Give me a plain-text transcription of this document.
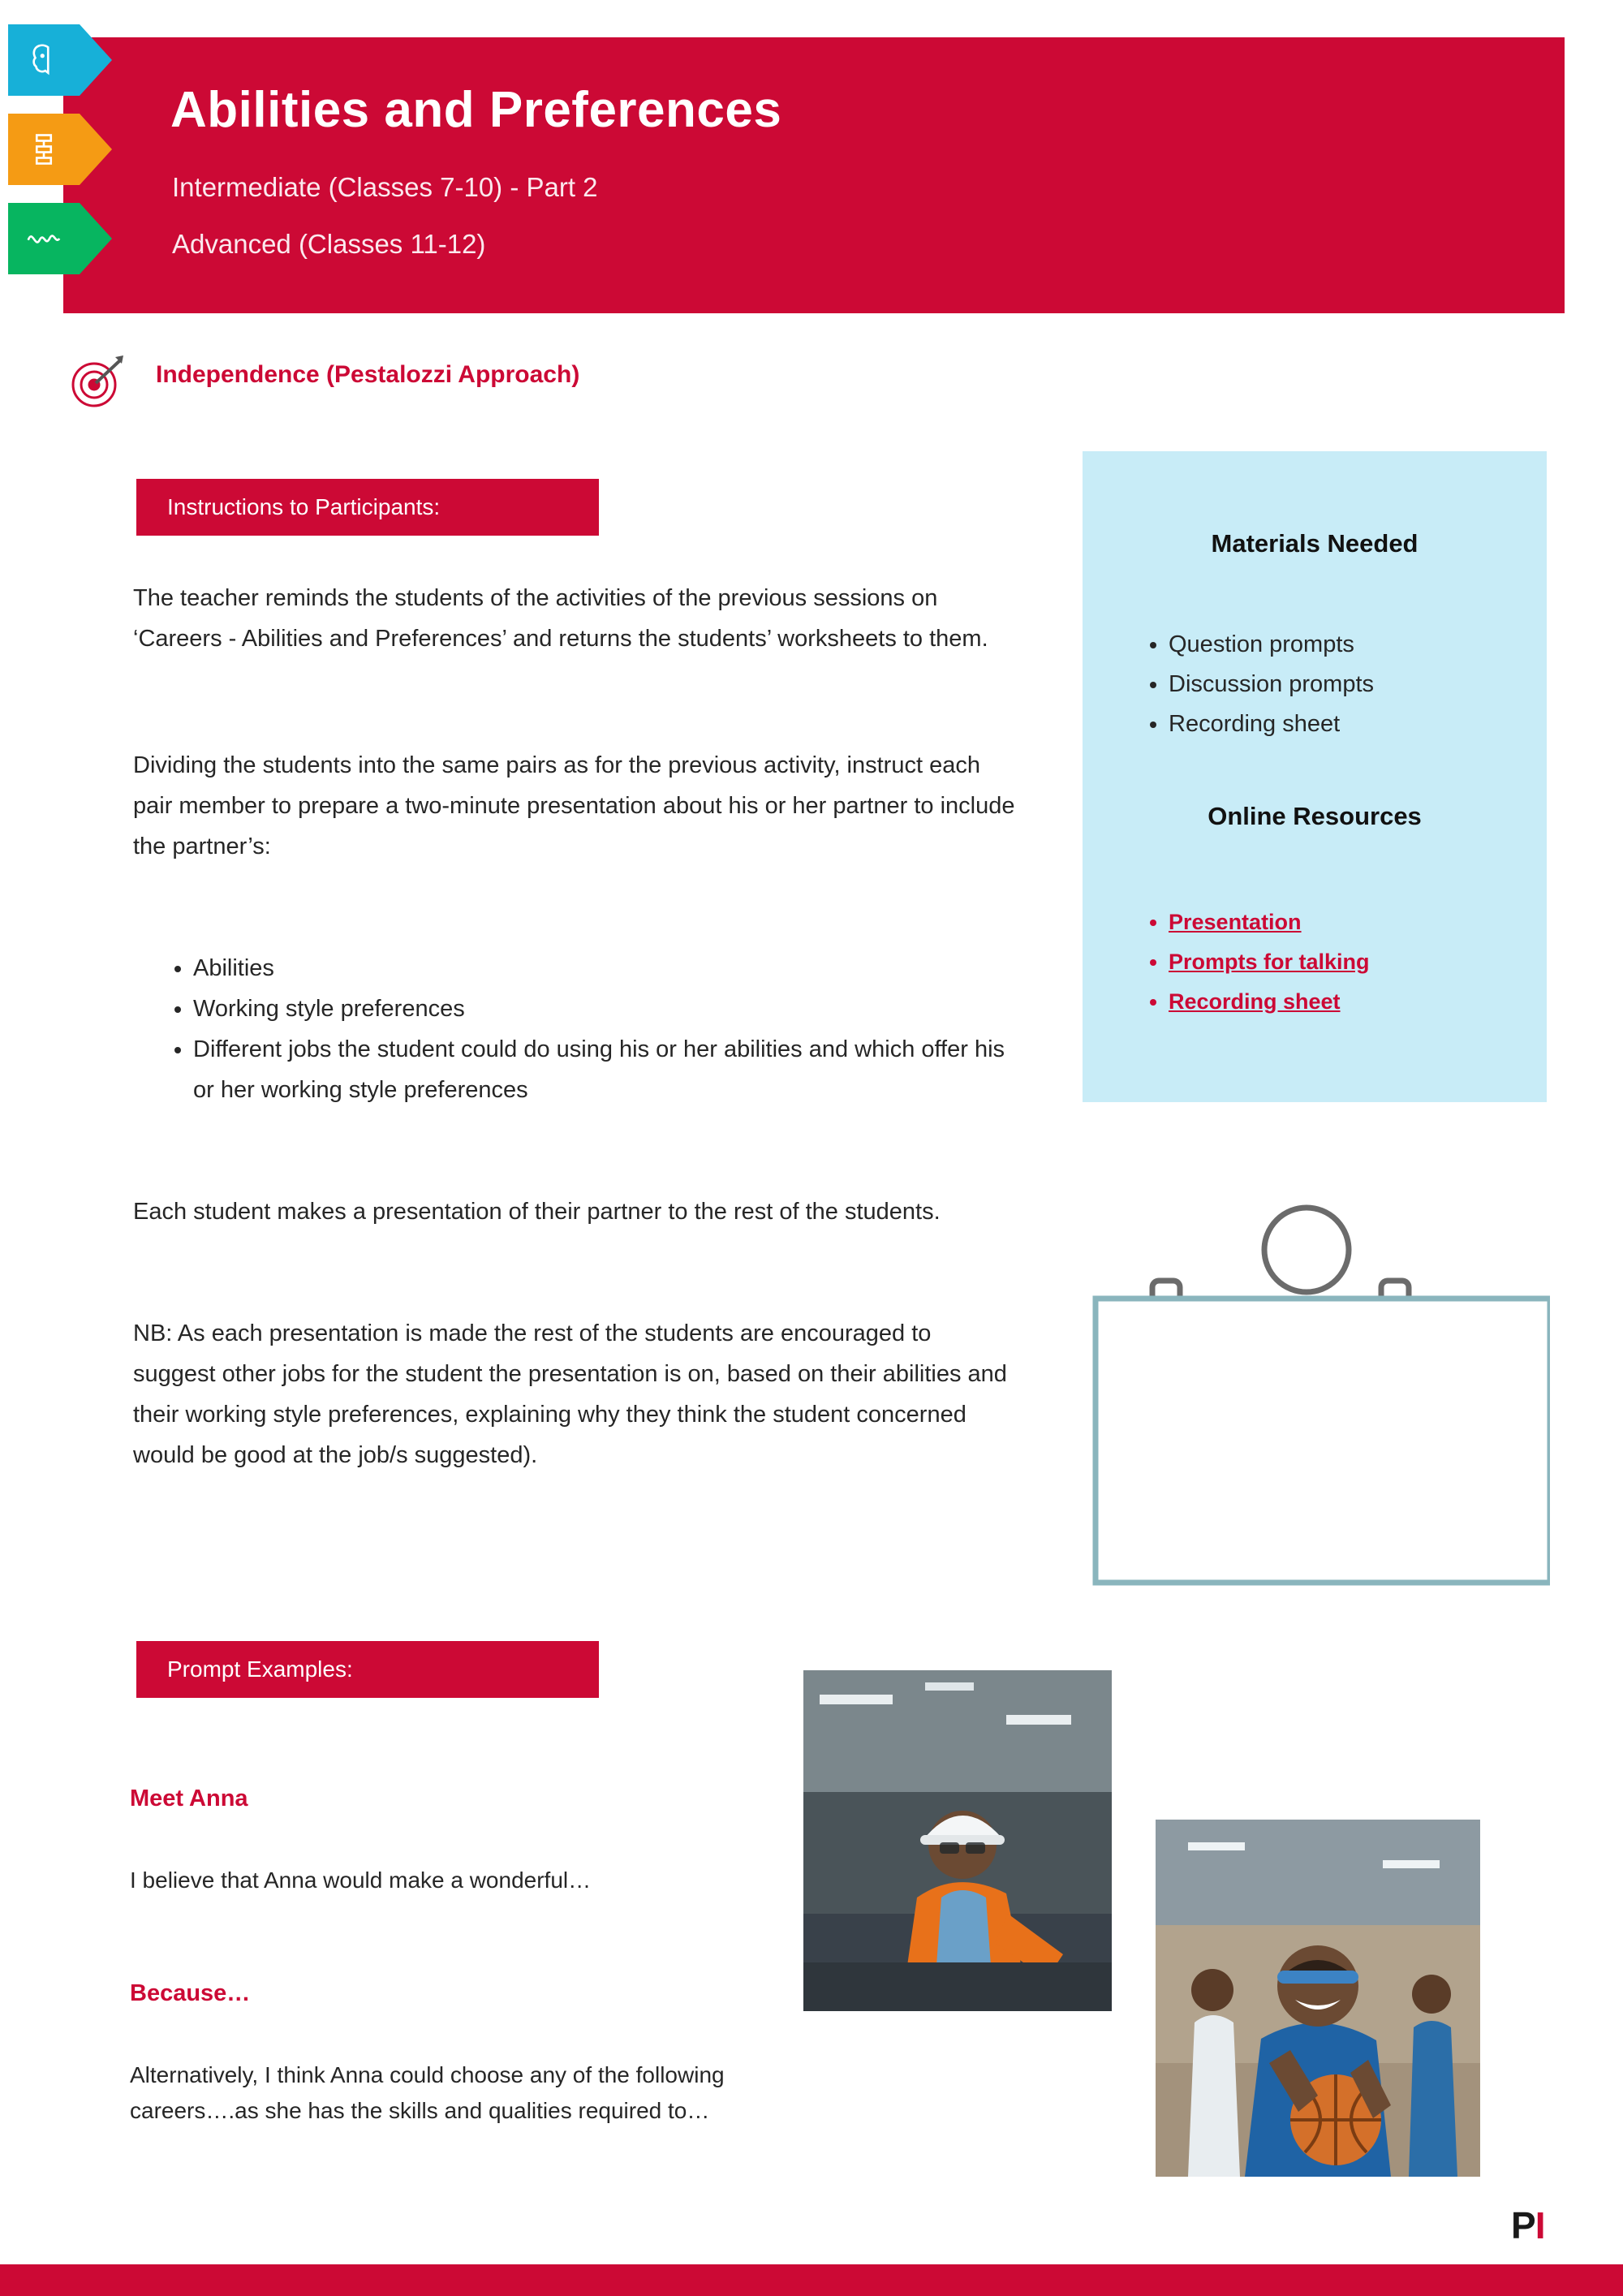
Abilities and Preferences
Intermediate (Classes 7-10) - Part 2
Advanced (Classes 11-12)
Independence (Pestalozzi Approach)
Instructions to Participants:
The teacher reminds the students of the activities of the previous sessions on ‘Careers - Abilities and Preferences’ and returns the students’ worksheets to them.
Dividing the students into the same pairs as for the previous activity, instruct each pair member to prepare a two-minute presentation about his or her partner to include the partner’s:
• Abilities
• Working style preferences
• Different jobs the student could do using his or her abilities and which offer his or her working style preferences
Each student makes a presentation of their partner to the rest of the students.
NB: As each presentation is made the rest of the students are encouraged to suggest other jobs for the student the presentation is on, based on their abilities and their working style preferences, explaining why they think the student concerned would be good at the job/s suggested).
Materials Needed
• Question prompts
• Discussion prompts
• Recording sheet
Online Resources
• Presentation
• Prompts for talking
• Recording sheet
Prompt Examples:
Meet Anna
I believe that Anna would make a wonderful…
Because…
Alternatively, I think Anna could choose any of the following careers….as she has the skills and qualities required to…
PI
